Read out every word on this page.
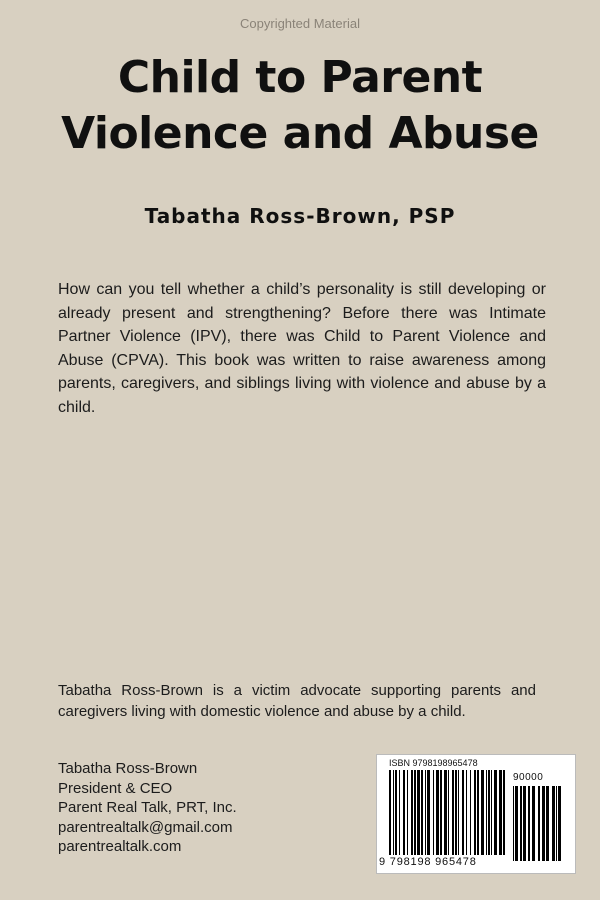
Copyrighted Material
Child to Parent
Violence and Abuse
Tabatha Ross-Brown, PSP
How can you tell whether a child’s personality is still developing or already present and strengthening? Before there was Intimate Partner Violence (IPV), there was Child to Parent Violence and Abuse (CPVA). This book was written to raise awareness among parents, caregivers, and siblings living with violence and abuse by a child.
Tabatha Ross-Brown is a victim advocate supporting parents and caregivers living with domestic violence and abuse by a child.
Tabatha Ross-Brown
President & CEO
Parent Real Talk, PRT, Inc.
parentrealtalk@gmail.com
parentrealtalk.com
ISBN 9798198965478
90000
9 798198 965478
